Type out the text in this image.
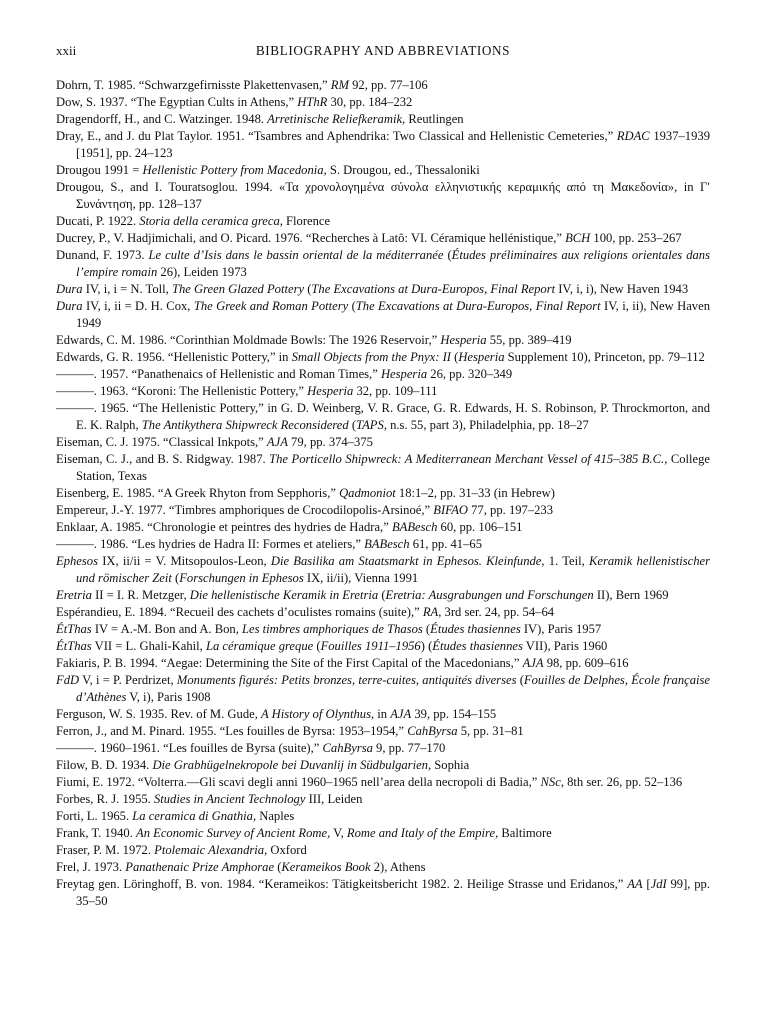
xxii	BIBLIOGRAPHY AND ABBREVIATIONS

Dohrn, T. 1985. “Schwarzgefirnisste Plakettenvasen,” RM 92, pp. 77–106

Dow, S. 1937. “The Egyptian Cults in Athens,” HThR 30, pp. 184–232

Dragendorff, H., and C. Watzinger. 1948. Arretinische Reliefkeramik, Reutlingen

Dray, E., and J. du Plat Taylor. 1951. “Tsambres and Aphendrika: Two Classical and Hellenistic Cemeteries,” RDAC 1937–1939 [1951], pp. 24–123

Drougou 1991 = Hellenistic Pottery from Macedonia, S. Drougou, ed., Thessaloniki

Drougou, S., and I. Touratsoglou. 1994. «Τα χρονολογημένα σύνολα ελληνιστικής κεραμικής από τη Μακεδονία», in Γ′ Συνάντηση, pp. 128–137

Ducati, P. 1922. Storia della ceramica greca, Florence

Ducrey, P., V. Hadjimichali, and O. Picard. 1976. “Recherches à Latô: VI. Céramique hellénistique,” BCH 100, pp. 253–267

Dunand, F. 1973. Le culte d’Isis dans le bassin oriental de la méditerranée (Études préliminaires aux religions orientales dans l’empire romain 26), Leiden 1973

Dura IV, i, i = N. Toll, The Green Glazed Pottery (The Excavations at Dura-Europos, Final Report IV, i, i), New Haven 1943

Dura IV, i, ii = D. H. Cox, The Greek and Roman Pottery (The Excavations at Dura-Europos, Final Report IV, i, ii), New Haven 1949

Edwards, C. M. 1986. “Corinthian Moldmade Bowls: The 1926 Reservoir,” Hesperia 55, pp. 389–419

Edwards, G. R. 1956. “Hellenistic Pottery,” in Small Objects from the Pnyx: II (Hesperia Supplement 10), Princeton, pp. 79–112

———. 1957. “Panathenaics of Hellenistic and Roman Times,” Hesperia 26, pp. 320–349

———. 1963. “Koroni: The Hellenistic Pottery,” Hesperia 32, pp. 109–111

———. 1965. “The Hellenistic Pottery,” in G. D. Weinberg, V. R. Grace, G. R. Edwards, H. S. Robinson, P. Throckmorton, and E. K. Ralph, The Antikythera Shipwreck Reconsidered (TAPS, n.s. 55, part 3), Philadelphia, pp. 18–27

Eiseman, C. J. 1975. “Classical Inkpots,” AJA 79, pp. 374–375

Eiseman, C. J., and B. S. Ridgway. 1987. The Porticello Shipwreck: A Mediterranean Merchant Vessel of 415–385 B.C., College Station, Texas

Eisenberg, E. 1985. “A Greek Rhyton from Sepphoris,” Qadmoniot 18:1–2, pp. 31–33 (in Hebrew)

Empereur, J.-Y. 1977. “Timbres amphoriques de Crocodilopolis-Arsinoé,” BIFAO 77, pp. 197–233

Enklaar, A. 1985. “Chronologie et peintres des hydries de Hadra,” BABesch 60, pp. 106–151

———. 1986. “Les hydries de Hadra II: Formes et ateliers,” BABesch 61, pp. 41–65

Ephesos IX, ii/ii = V. Mitsopoulos-Leon, Die Basilika am Staatsmarkt in Ephesos. Kleinfunde, 1. Teil, Keramik hellenistischer und römischer Zeit (Forschungen in Ephesos IX, ii/ii), Vienna 1991

Eretria II = I. R. Metzger, Die hellenistische Keramik in Eretria (Eretria: Ausgrabungen und Forschungen II), Bern 1969

Espérandieu, E. 1894. “Recueil des cachets d’oculistes romains (suite),” RA, 3rd ser. 24, pp. 54–64

ÉtThas IV = A.-M. Bon and A. Bon, Les timbres amphoriques de Thasos (Études thasiennes IV), Paris 1957

ÉtThas VII = L. Ghali-Kahil, La céramique greque (Fouilles 1911–1956) (Études thasiennes VII), Paris 1960

Fakiaris, P. B. 1994. “Aegae: Determining the Site of the First Capital of the Macedonians,” AJA 98, pp. 609–616

FdD V, i = P. Perdrizet, Monuments figurés: Petits bronzes, terre-cuites, antiquités diverses (Fouilles de Delphes, École française d’Athènes V, i), Paris 1908

Ferguson, W. S. 1935. Rev. of M. Gude, A History of Olynthus, in AJA 39, pp. 154–155

Ferron, J., and M. Pinard. 1955. “Les fouilles de Byrsa: 1953–1954,” CahByrsa 5, pp. 31–81

———. 1960–1961. “Les fouilles de Byrsa (suite),” CahByrsa 9, pp. 77–170

Filow, B. D. 1934. Die Grabhügelnekropole bei Duvanlij in Südbulgarien, Sophia

Fiumi, E. 1972. “Volterra.—Gli scavi degli anni 1960–1965 nell’area della necropoli di Badia,” NSc, 8th ser. 26, pp. 52–136

Forbes, R. J. 1955. Studies in Ancient Technology III, Leiden

Forti, L. 1965. La ceramica di Gnathia, Naples

Frank, T. 1940. An Economic Survey of Ancient Rome, V, Rome and Italy of the Empire, Baltimore

Fraser, P. M. 1972. Ptolemaic Alexandria, Oxford

Frel, J. 1973. Panathenaic Prize Amphorae (Kerameikos Book 2), Athens

Freytag gen. Löringhoff, B. von. 1984. “Kerameikos: Tätigkeitsbericht 1982. 2. Heilige Strasse und Eridanos,” AA [JdI 99], pp. 35–50
